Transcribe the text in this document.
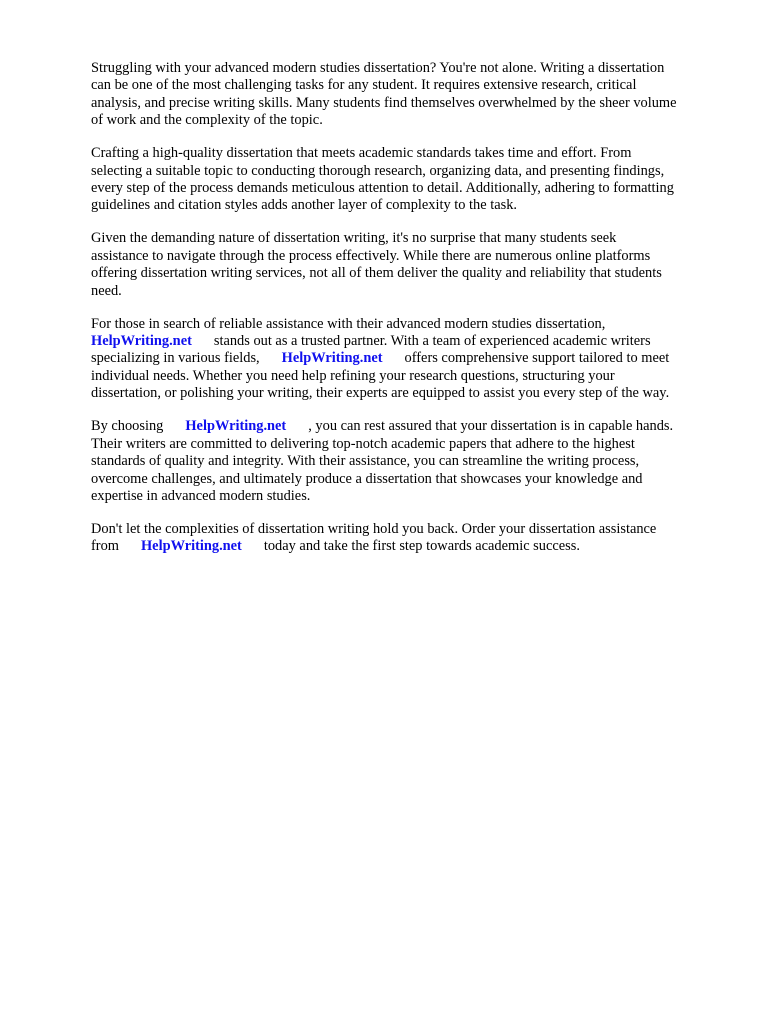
Struggling with your advanced modern studies dissertation? You're not alone. Writing a dissertation
can be one of the most challenging tasks for any student. It requires extensive research, critical
analysis, and precise writing skills. Many students find themselves overwhelmed by the sheer volume
of work and the complexity of the topic.

Crafting a high-quality dissertation that meets academic standards takes time and effort. From
selecting a suitable topic to conducting thorough research, organizing data, and presenting findings,
every step of the process demands meticulous attention to detail. Additionally, adhering to formatting
guidelines and citation styles adds another layer of complexity to the task.

Given the demanding nature of dissertation writing, it's no surprise that many students seek
assistance to navigate through the process effectively. While there are numerous online platforms
offering dissertation writing services, not all of them deliver the quality and reliability that students
need.

For those in search of reliable assistance with their advanced modern studies dissertation,
HelpWriting.net stands out as a trusted partner. With a team of experienced academic writers
specializing in various fields, HelpWriting.net offers comprehensive support tailored to meet
individual needs. Whether you need help refining your research questions, structuring your
dissertation, or polishing your writing, their experts are equipped to assist you every step of the way.

By choosing HelpWriting.net , you can rest assured that your dissertation is in capable hands.
Their writers are committed to delivering top-notch academic papers that adhere to the highest
standards of quality and integrity. With their assistance, you can streamline the writing process,
overcome challenges, and ultimately produce a dissertation that showcases your knowledge and
expertise in advanced modern studies.

Don't let the complexities of dissertation writing hold you back. Order your dissertation assistance
from HelpWriting.net today and take the first step towards academic success.
